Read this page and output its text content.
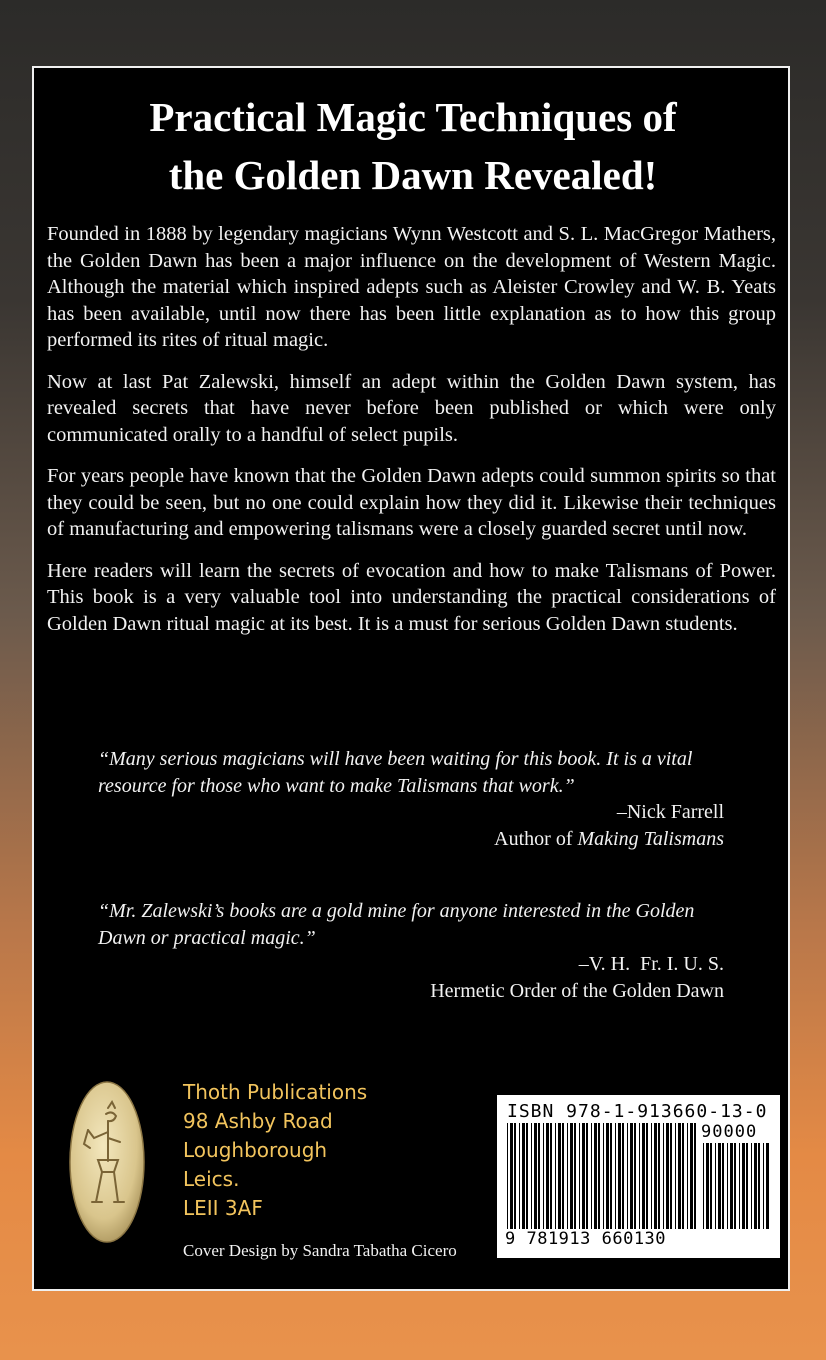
Practical Magic Techniques of
the Golden Dawn Revealed!

Founded in 1888 by legendary magicians Wynn Westcott and S. L. MacGregor Mathers, the Golden Dawn has been a major influence on the development of Western Magic. Although the material which inspired adepts such as Aleister Crowley and W. B. Yeats has been available, until now there has been little explanation as to how this group performed its rites of ritual magic.

Now at last Pat Zalewski, himself an adept within the Golden Dawn system, has revealed secrets that have never before been published or which were only communicated orally to a handful of select pupils.

For years people have known that the Golden Dawn adepts could summon spirits so that they could be seen, but no one could explain how they did it. Likewise their techniques of manufacturing and empowering talismans were a closely guarded secret until now.

Here readers will learn the secrets of evocation and how to make Talismans of Power. This book is a very valuable tool into understanding the practical considerations of Golden Dawn ritual magic at its best. It is a must for serious Golden Dawn students.

“Many serious magicians will have been waiting for this book. It is a vital resource for those who want to make Talismans that work.”
–Nick Farrell
Author of Making Talismans
“Mr. Zalewski’s books are a gold mine for anyone interested in the Golden Dawn or practical magic.”
–V. H.  Fr. I. U. S.
Hermetic Order of the Golden Dawn
Thoth Publications
98 Ashby Road
Loughborough
Leics.
LEII 3AF
Cover Design by Sandra Tabatha Cicero
ISBN 978-1-913660-13-0
90000
9 781913 660130
